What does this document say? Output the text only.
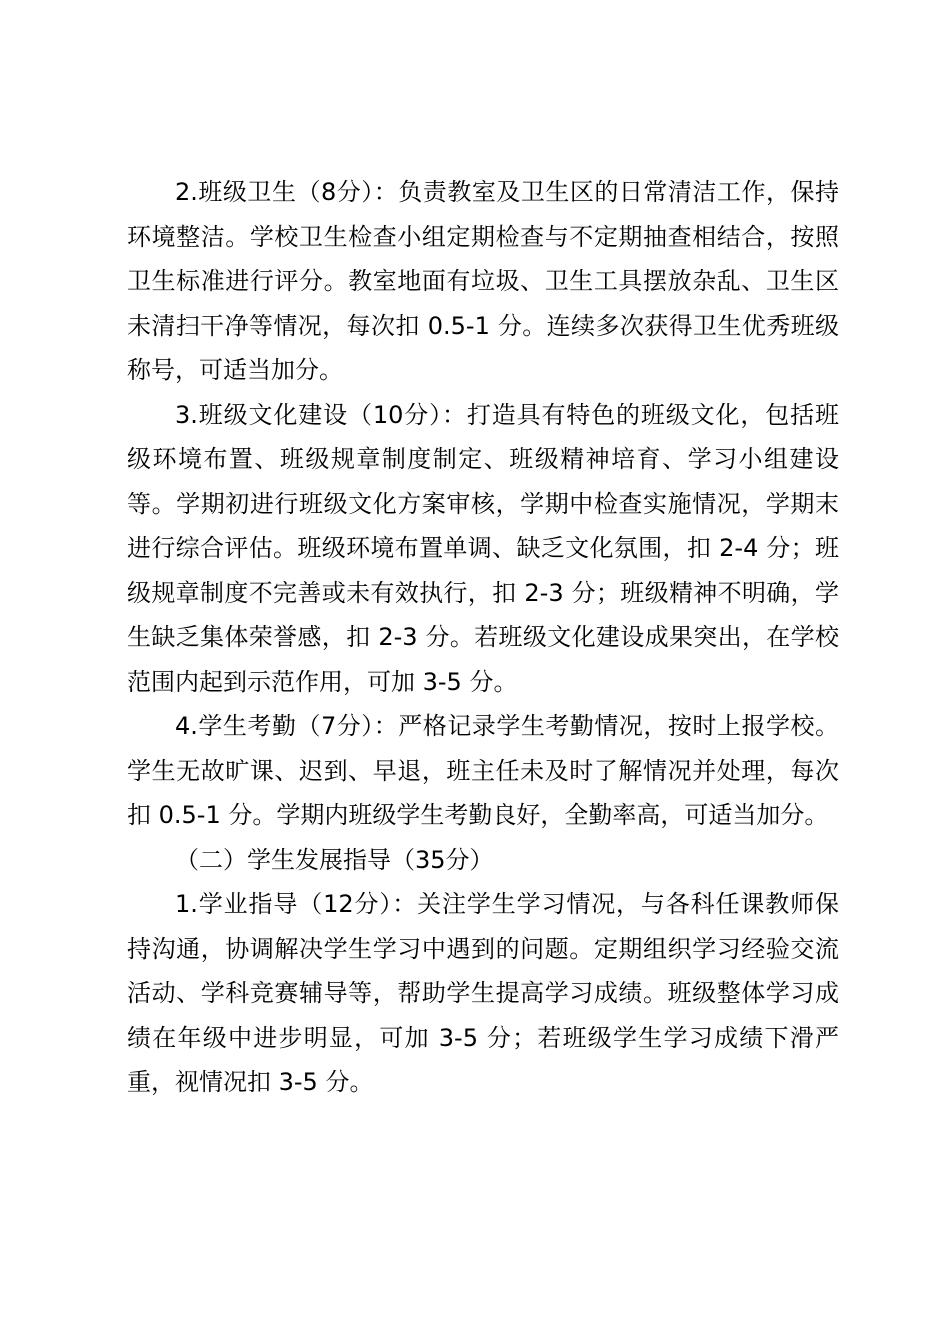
2.班级卫生（8分）：负责教室及卫生区的日常清洁工作，保持环境整洁。学校卫生检查小组定期检查与不定期抽查相结合，按照卫生标准进行评分。教室地面有垃圾、卫生工具摆放杂乱、卫生区未清扫干净等情况，每次扣 0.5-1 分。连续多次获得卫生优秀班级称号，可适当加分。

3.班级文化建设（10分）：打造具有特色的班级文化，包括班级环境布置、班级规章制度制定、班级精神培育、学习小组建设等。学期初进行班级文化方案审核，学期中检查实施情况，学期末进行综合评估。班级环境布置单调、缺乏文化氛围，扣 2-4 分；班级规章制度不完善或未有效执行，扣 2-3 分；班级精神不明确，学生缺乏集体荣誉感，扣 2-3 分。若班级文化建设成果突出，在学校范围内起到示范作用，可加 3-5 分。

4.学生考勤（7分）：严格记录学生考勤情况，按时上报学校。学生无故旷课、迟到、早退，班主任未及时了解情况并处理，每次扣 0.5-1 分。学期内班级学生考勤良好，全勤率高，可适当加分。

（二）学生发展指导（35分）

1.学业指导（12分）：关注学生学习情况，与各科任课教师保持沟通，协调解决学生学习中遇到的问题。定期组织学习经验交流活动、学科竞赛辅导等，帮助学生提高学习成绩。班级整体学习成绩在年级中进步明显，可加 3-5 分；若班级学生学习成绩下滑严重，视情况扣 3-5 分。
